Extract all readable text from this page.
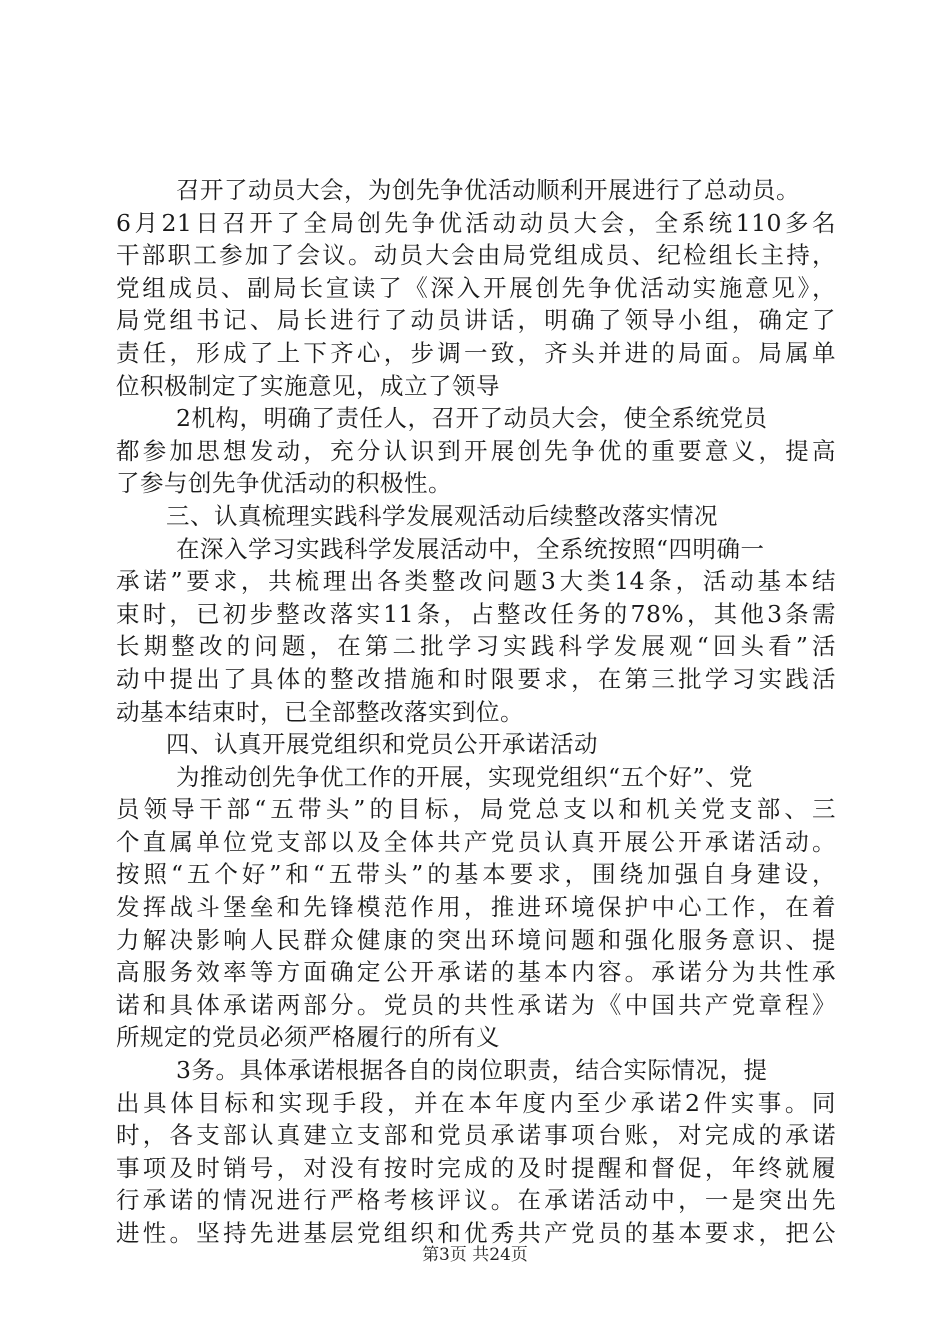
召开了动员大会，为创先争优活动顺利开展进行了总动员。
6月21日召开了全局创先争优活动动员大会，全系统110多名
干部职工参加了会议。动员大会由局党组成员、纪检组长主持，
党组成员、副局长宣读了《深入开展创先争优活动实施意见》，
局党组书记、局长进行了动员讲话，明确了领导小组，确定了
责任，形成了上下齐心，步调一致，齐头并进的局面。局属单
位积极制定了实施意见，成立了领导
2机构，明确了责任人，召开了动员大会，使全系统党员
都参加思想发动，充分认识到开展创先争优的重要意义，提高
了参与创先争优活动的积极性。
三、认真梳理实践科学发展观活动后续整改落实情况
在深入学习实践科学发展活动中，全系统按照“四明确一
承诺”要求，共梳理出各类整改问题3大类14条，活动基本结
束时，已初步整改落实11条，占整改任务的78%，其他3条需
长期整改的问题，在第二批学习实践科学发展观“回头看”活
动中提出了具体的整改措施和时限要求，在第三批学习实践活
动基本结束时，已全部整改落实到位。
四、认真开展党组织和党员公开承诺活动
为推动创先争优工作的开展，实现党组织“五个好”、党
员领导干部“五带头”的目标，局党总支以和机关党支部、三
个直属单位党支部以及全体共产党员认真开展公开承诺活动。
按照“五个好”和“五带头”的基本要求，围绕加强自身建设，
发挥战斗堡垒和先锋模范作用，推进环境保护中心工作，在着
力解决影响人民群众健康的突出环境问题和强化服务意识、提
高服务效率等方面确定公开承诺的基本内容。承诺分为共性承
诺和具体承诺两部分。党员的共性承诺为《中国共产党章程》
所规定的党员必须严格履行的所有义
3务。具体承诺根据各自的岗位职责，结合实际情况，提
出具体目标和实现手段，并在本年度内至少承诺2件实事。同
时，各支部认真建立支部和党员承诺事项台账，对完成的承诺
事项及时销号，对没有按时完成的及时提醒和督促，年终就履
行承诺的情况进行严格考核评议。在承诺活动中，一是突出先
进性。坚持先进基层党组织和优秀共产党员的基本要求，把公
第3页 共24页
